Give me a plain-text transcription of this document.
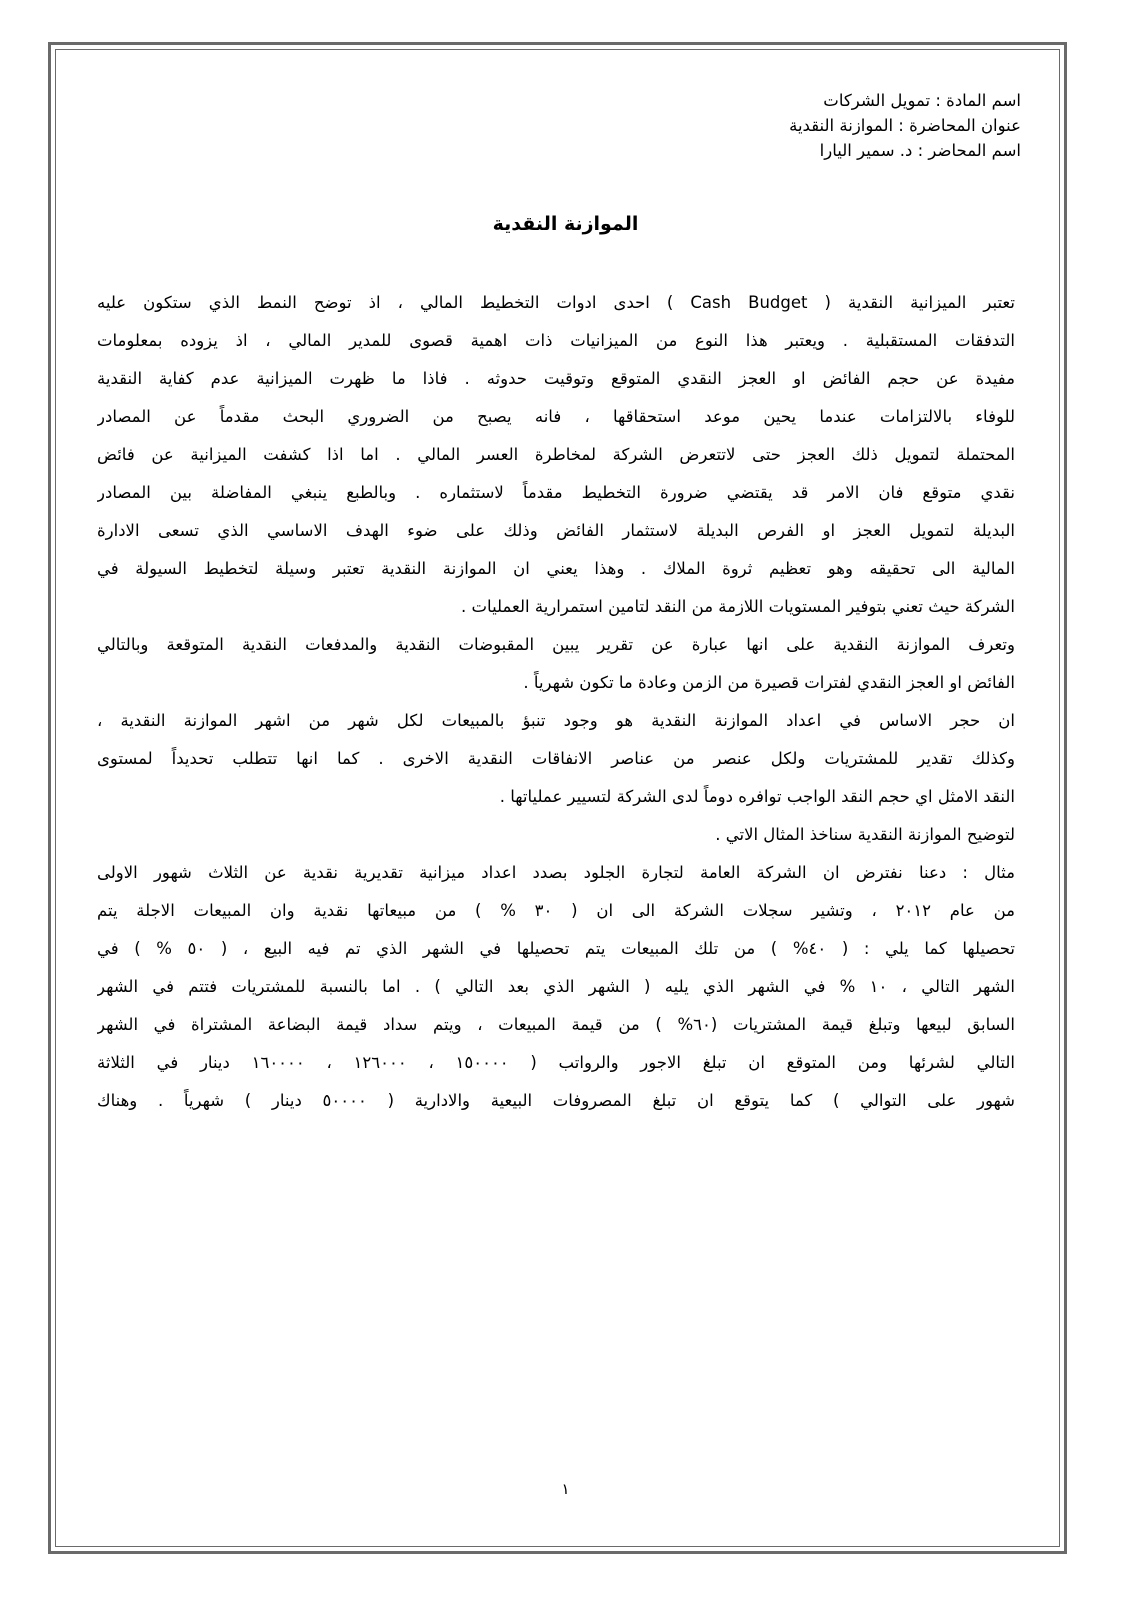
اسم المادة : تمويل الشركات
عنوان المحاضرة : الموازنة النقدية
اسم المحاضر : د. سمير اليارا
الموازنة النقدية
تعتبر الميزانية النقدية ( Cash Budget ) احدى ادوات التخطيط المالي ، اذ توضح النمط الذي ستكون عليه
التدفقات المستقبلية . ويعتبر هذا النوع من الميزانيات ذات اهمية قصوى للمدير المالي ، اذ يزوده بمعلومات
مفيدة عن حجم الفائض او العجز النقدي المتوقع وتوقيت حدوثه . فاذا ما ظهرت الميزانية عدم كفاية النقدية
للوفاء بالالتزامات عندما يحين موعد استحقاقها ، فانه يصبح من الضروري البحث مقدماً عن المصادر
المحتملة لتمويل ذلك العجز حتى لاتتعرض الشركة لمخاطرة العسر المالي . اما اذا كشفت الميزانية عن فائض
نقدي متوقع فان الامر قد يقتضي ضرورة التخطيط مقدماً لاستثماره . وبالطبع ينبغي المفاضلة بين المصادر
البديلة لتمويل العجز او الفرص البديلة لاستثمار الفائض وذلك على ضوء الهدف الاساسي الذي تسعى الادارة
المالية الى تحقيقه وهو تعظيم ثروة الملاك . وهذا يعني ان الموازنة النقدية تعتبر وسيلة لتخطيط السيولة في
الشركة حيث تعني بتوفير المستويات اللازمة من النقد لتامين استمرارية العمليات .
وتعرف الموازنة النقدية على انها عبارة عن تقرير يبين المقبوضات النقدية والمدفعات النقدية المتوقعة وبالتالي
الفائض او العجز النقدي لفترات قصيرة من الزمن وعادة ما تكون شهرياً .
ان حجر الاساس في اعداد الموازنة النقدية هو وجود تنبؤ بالمبيعات لكل شهر من اشهر الموازنة النقدية ،
وكذلك تقدير للمشتريات ولكل عنصر من عناصر الانفاقات النقدية الاخرى . كما انها تتطلب تحديداً لمستوى
النقد الامثل اي حجم النقد الواجب توافره دوماً لدى الشركة لتسيير عملياتها .
لتوضيح الموازنة النقدية سناخذ المثال الاتي .
مثال : دعنا نفترض ان الشركة العامة لتجارة الجلود بصدد اعداد ميزانية تقديرية نقدية عن الثلاث شهور الاولى
من عام ٢٠١٢ ، وتشير سجلات الشركة الى ان ( ٣٠ % ) من مبيعاتها نقدية وان المبيعات الاجلة يتم
تحصيلها كما يلي : ( ٤٠% ) من تلك المبيعات يتم تحصيلها في الشهر الذي تم فيه البيع ، ( ٥٠ % ) في
الشهر التالي ، ١٠ % في الشهر الذي يليه ( الشهر الذي بعد التالي ) . اما بالنسبة للمشتريات فتتم في الشهر
السابق لبيعها وتبلغ قيمة المشتريات (٦٠% ) من قيمة المبيعات ، ويتم سداد قيمة البضاعة المشتراة في الشهر
التالي لشرئها ومن المتوقع ان تبلغ الاجور والرواتب ( ١٥٠٠٠٠ ، ١٢٦٠٠٠ ، ١٦٠٠٠٠ دينار في الثلاثة
شهور على التوالي ) كما يتوقع ان تبلغ المصروفات البيعية والادارية ( ٥٠٠٠٠ دينار ) شهرياً . وهناك
١
